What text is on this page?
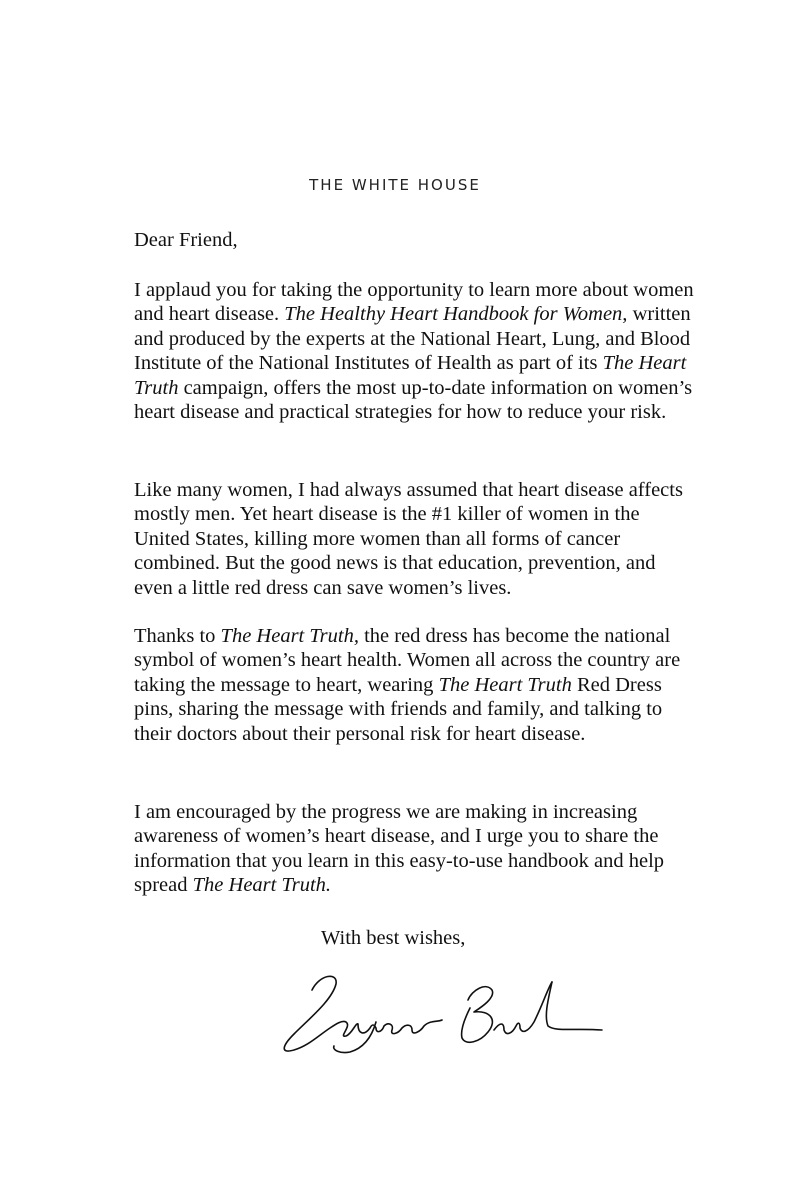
THE WHITE HOUSE

Dear Friend,

I applaud you for taking the opportunity to learn more about women and heart disease. The Healthy Heart Handbook for Women, written and produced by the experts at the National Heart, Lung, and Blood Institute of the National Institutes of Health as part of its The Heart Truth campaign, offers the most up-to-date information on women’s heart disease and practical strategies for how to reduce your risk.

Like many women, I had always assumed that heart disease affects mostly men. Yet heart disease is the #1 killer of women in the United States, killing more women than all forms of cancer combined. But the good news is that education, prevention, and even a little red dress can save women’s lives.

Thanks to The Heart Truth, the red dress has become the national symbol of women’s heart health. Women all across the country are taking the message to heart, wearing The Heart Truth Red Dress pins, sharing the message with friends and family, and talking to their doctors about their personal risk for heart disease.

I am encouraged by the progress we are making in increasing awareness of women’s heart disease, and I urge you to share the information that you learn in this easy-to-use handbook and help spread The Heart Truth.

With best wishes,
